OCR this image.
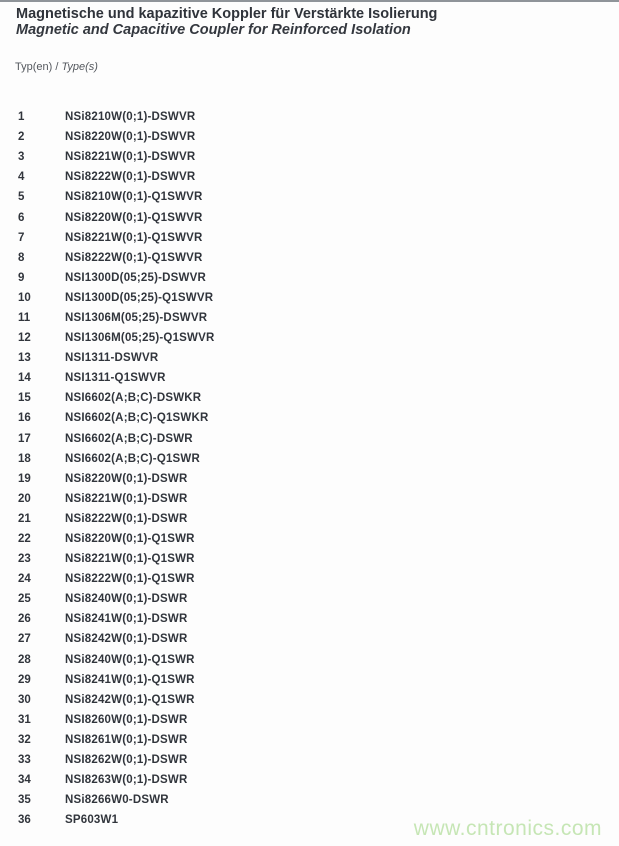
Magnetische und kapazitive Koppler für Verstärkte Isolierung
Magnetic and Capacitive Coupler for Reinforced Isolation
Typ(en) / Type(s)
1	NSi8210W(0;1)-DSWVR
2	NSi8220W(0;1)-DSWVR
3	NSi8221W(0;1)-DSWVR
4	NSi8222W(0;1)-DSWVR
5	NSi8210W(0;1)-Q1SWVR
6	NSi8220W(0;1)-Q1SWVR
7	NSi8221W(0;1)-Q1SWVR
8	NSi8222W(0;1)-Q1SWVR
9	NSI1300D(05;25)-DSWVR
10	NSI1300D(05;25)-Q1SWVR
11	NSI1306M(05;25)-DSWVR
12	NSI1306M(05;25)-Q1SWVR
13	NSI1311-DSWVR
14	NSI1311-Q1SWVR
15	NSI6602(A;B;C)-DSWKR
16	NSI6602(A;B;C)-Q1SWKR
17	NSI6602(A;B;C)-DSWR
18	NSI6602(A;B;C)-Q1SWR
19	NSi8220W(0;1)-DSWR
20	NSi8221W(0;1)-DSWR
21	NSi8222W(0;1)-DSWR
22	NSi8220W(0;1)-Q1SWR
23	NSi8221W(0;1)-Q1SWR
24	NSi8222W(0;1)-Q1SWR
25	NSi8240W(0;1)-DSWR
26	NSi8241W(0;1)-DSWR
27	NSi8242W(0;1)-DSWR
28	NSi8240W(0;1)-Q1SWR
29	NSi8241W(0;1)-Q1SWR
30	NSi8242W(0;1)-Q1SWR
31	NSI8260W(0;1)-DSWR
32	NSI8261W(0;1)-DSWR
33	NSI8262W(0;1)-DSWR
34	NSI8263W(0;1)-DSWR
35	NSi8266W0-DSWR
36	SP603W1	www.cntronics.com
